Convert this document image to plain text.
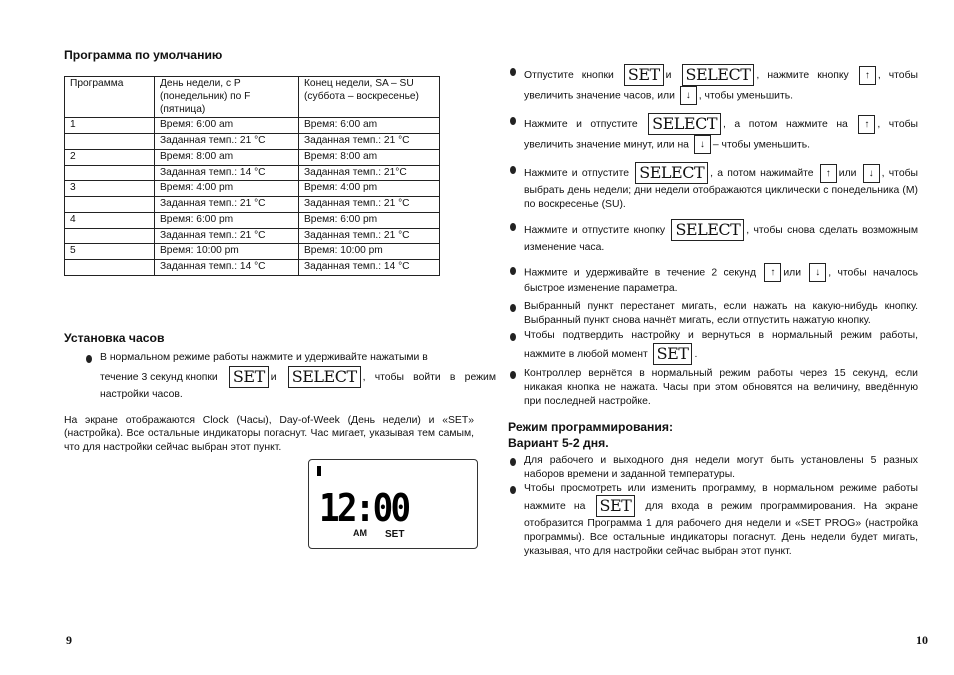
Программа по умолчанию
Программа	День недели, с P (понедельник) по F (пятница)	Конец недели, SA – SU (суббота – воскресенье)
1	Время: 6:00 am	Время: 6:00 am
	Заданная темп.: 21 °C	Заданная темп.: 21 °C
2	Время: 8:00 am	Время: 8:00 am
	Заданная темп.: 14 °C	Заданная темп.: 21°C
3	Время: 4:00 pm	Время: 4:00 pm
	Заданная темп.: 21 °C	Заданная темп.: 21 °C
4	Время: 6:00 pm	Время: 6:00 pm
	Заданная темп.: 21 °C	Заданная темп.: 21 °C
5	Время: 10:00 pm	Время: 10:00 pm
	Заданная темп.: 14 °C	Заданная темп.: 14 °C
Установка часов
В нормальном режиме работы нажмите и удерживайте нажатыми в
течение 3 секунд кнопки SET и SELECT , чтобы войти в режим настройки часов.

На экране отображаются Clock (Часы), Day-of-Week (День недели) и «SET» (настройка). Все остальные индикаторы погаснут. Час мигает, указывая тем самым, что для настройки сейчас выбран этот пункт.

12:00
AM SET
9
Отпустите кнопки SET и SELECT , нажмите кнопку ↑ , чтобы увеличить значение часов, или ↓ , чтобы уменьшить.
Нажмите и отпустите SELECT , а потом нажмите на ↑ , чтобы увеличить значение минут, или на ↓ – чтобы уменьшить.
Нажмите и отпустите SELECT , а потом нажимайте ↑ или ↓ , чтобы выбрать день недели; дни недели отображаются циклически с понедельника (M) по воскресенье (SU).
Нажмите и отпустите кнопку SELECT , чтобы снова сделать возможным изменение часа.
Нажмите и удерживайте в течение 2 секунд ↑ или ↓ , чтобы началось быстрое изменение параметра.
Выбранный пункт перестанет мигать, если нажать на какую-нибудь кнопку. Выбранный пункт снова начнёт мигать, если отпустить нажатую кнопку.
Чтобы подтвердить настройку и вернуться в нормальный режим работы, нажмите в любой момент SET .
Контроллер вернётся в нормальный режим работы через 15 секунд, если никакая кнопка не нажата. Часы при этом обновятся на величину, введённую при последней настройке.
Режим программирования:
Вариант 5-2 дня.
Для рабочего и выходного дня недели могут быть установлены 5 разных наборов времени и заданной температуры.
Чтобы просмотреть или изменить программу, в нормальном режиме работы нажмите на SET для входа в режим программирования. На экране отобразится Программа 1 для рабочего дня недели и «SET PROG» (настройка программы). Все остальные индикаторы погаснут. День недели будет мигать, указывая, что для настройки сейчас выбран этот пункт.
10
